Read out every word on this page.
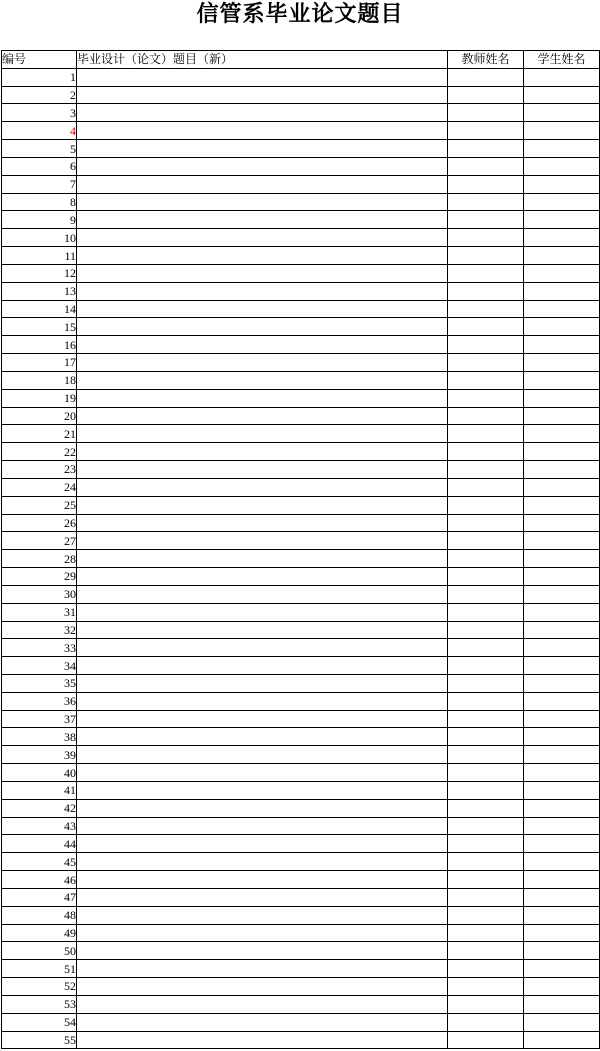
信管系毕业论文题目
编号	毕业设计（论文）题目（新）	教师姓名	学生姓名
1			
2			
3			
4			
5			
6			
7			
8			
9			
10			
11			
12			
13			
14			
15			
16			
17			
18			
19			
20			
21			
22			
23			
24			
25			
26			
27			
28			
29			
30			
31			
32			
33			
34			
35			
36			
37			
38			
39			
40			
41			
42			
43			
44			
45			
46			
47			
48			
49			
50			
51			
52			
53			
54			
55			
